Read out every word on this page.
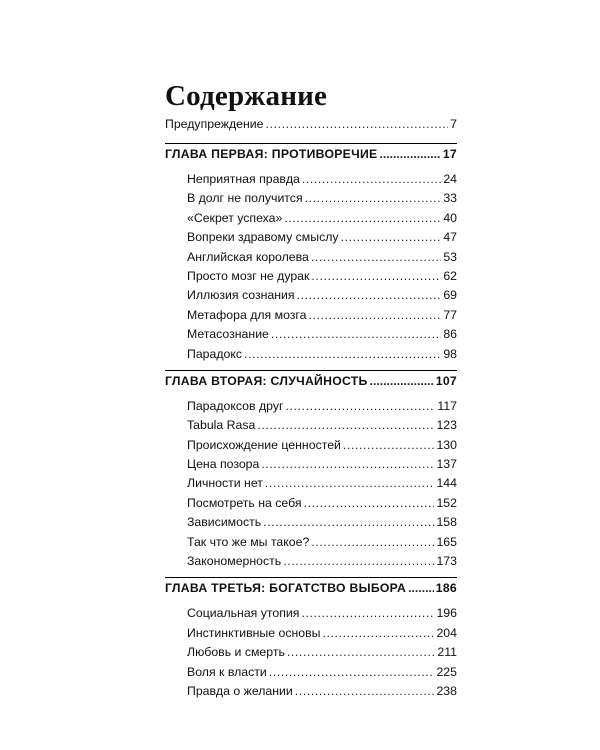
Содержание
Предупреждение .....	7
ГЛАВА ПЕРВАЯ: ПРОТИВОРЕЧИЕ .....	17
Неприятная правда .....	24
В долг не получится .....	33
«Секрет успеха» .....	40
Вопреки здравому смыслу .....	47
Английская королева .....	53
Просто мозг не дурак .....	62
Иллюзия сознания .....	69
Метафора для мозга .....	77
Метасознание .....	86
Парадокс .....	98
ГЛАВА ВТОРАЯ: СЛУЧАЙНОСТЬ .....	107
Парадоксов друг .....	117
Tabula Rasa .....	123
Происхождение ценностей .....	130
Цена позора .....	137
Личности нет .....	144
Посмотреть на себя .....	152
Зависимость .....	158
Так что же мы такое? .....	165
Закономерность .....	173
ГЛАВА ТРЕТЬЯ: БОГАТСТВО ВЫБОРА ..... 186
Социальная утопия .....	196
Инстинктивные основы .....	204
Любовь и смерть .....	211
Воля к власти .....	225
Правда о желании .....	238
